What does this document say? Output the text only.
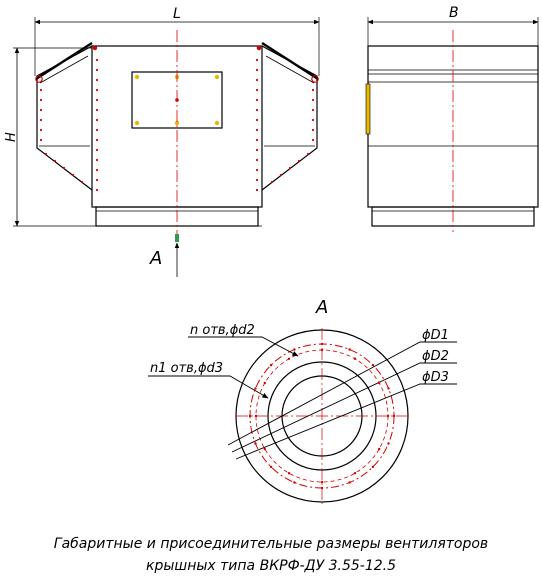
L
H
A
B
A
n отв,ϕd2
n1 отв,ϕd3
ϕD1
ϕD2
ϕD3
Габаритные и присоединительные размеры вентиляторов
крышных типа ВКРФ-ДУ 3.55-12.5
